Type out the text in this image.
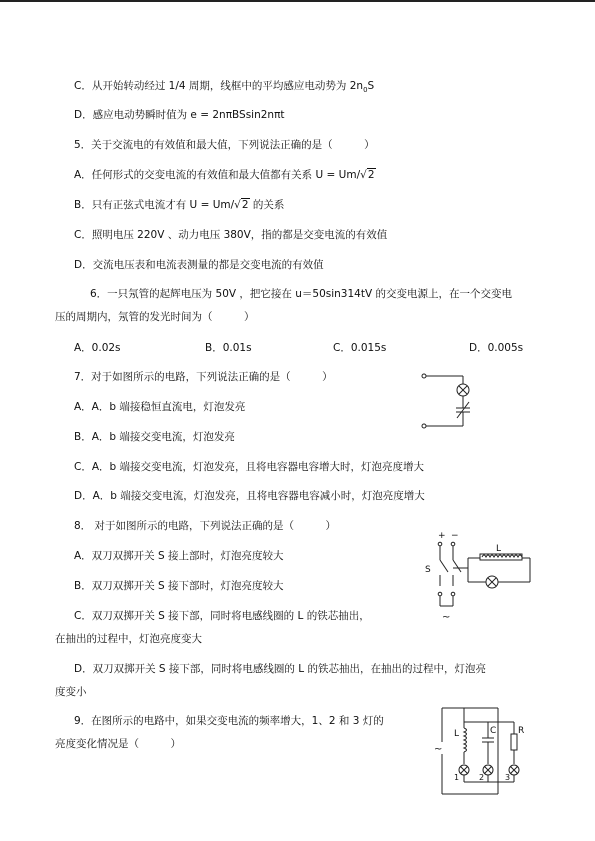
C．从开始转动经过 1/4 周期，线框中的平均感应电动势为 $2n_0S$
D．感应电动势瞬时值为 e = 2nπBSsin2nπt
5．关于交流电的有效值和最大值，下列说法正确的是（　　　）
A．任何形式的交变电流的有效值和最大值都有关系 U = Um/√2
B．只有正弦式电流才有 U = Um/√2 的关系
C．照明电压 220V 、动力电压 380V，指的都是交变电流的有效值
D．交流电压表和电流表测量的都是交变电流的有效值
6．一只氖管的起辉电压为 50V ，把它接在 u＝50sin314tV 的交变电源上，在一个交变电
压的周期内，氖管的发光时间为（　　　）
A．0.02s	B．0.01s	C．0.015s	D．0.005s
7．对于如图所示的电路，下列说法正确的是（　　　）
A．A．b 端接稳恒直流电，灯泡发亮
B．A．b 端接交变电流，灯泡发亮
C．A．b 端接交变电流，灯泡发亮，且将电容器电容增大时，灯泡亮度增大
D．A．b 端接交变电流，灯泡发亮，且将电容器电容减小时，灯泡亮度增大
8． 对于如图所示的电路，下列说法正确的是（　　　）
A．双刀双掷开关 S 接上部时，灯泡亮度较大
B．双刀双掷开关 S 接下部时，灯泡亮度较大
C．双刀双掷开关 S 接下部，同时将电感线圈的 L 的铁芯抽出，
在抽出的过程中，灯泡亮度变大
D．双刀双掷开关 S 接下部，同时将电感线圈的 L 的铁芯抽出，在抽出的过程中，灯泡亮
度变小
9．在图所示的电路中，如果交变电流的频率增大，1、2 和 3 灯的
亮度变化情况是（　　　）
+ −
S
L
~
~
L	C R
1 2	3
